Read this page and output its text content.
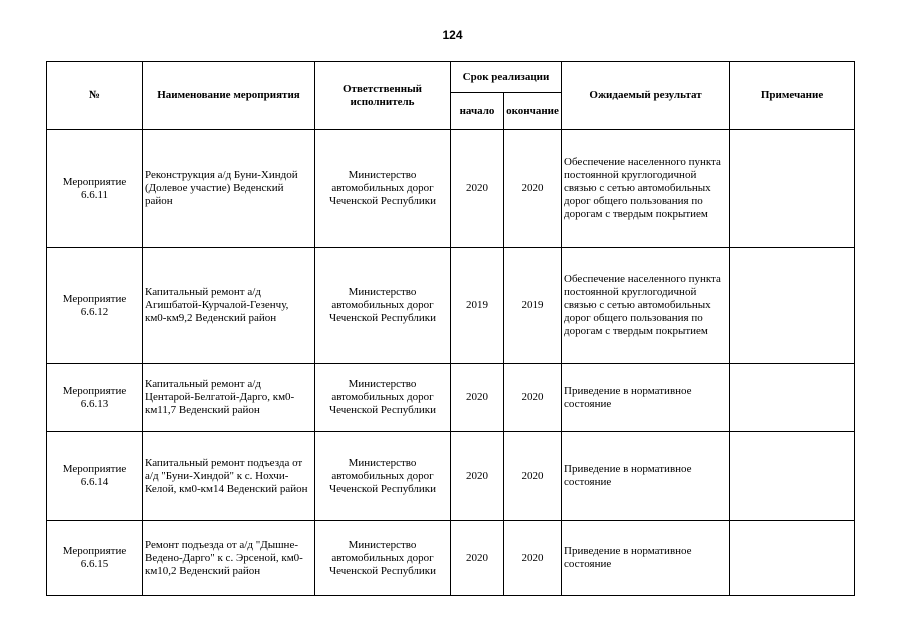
124
№	Наименование мероприятия	Ответственный исполнитель	Срок реализации		Ожидаемый результат	Примечание
			начало	окончание		
Мероприятие 6.6.11	Реконструкция а/д Буни-Хиндой (Долевое участие) Веденский район	Министерство автомобильных дорог Чеченской Республики	2020	2020	Обеспечение населенного пункта постоянной круглогодичной связью с сетью автомобильных дорог общего пользования по дорогам с твердым покрытием	
Мероприятие 6.6.12	Капитальный ремонт а/д Агишбатой-Курчалой-Гезенчу, км0-км9,2 Веденский район	Министерство автомобильных дорог Чеченской Республики	2019	2019	Обеспечение населенного пункта постоянной круглогодичной связью с сетью автомобильных дорог общего пользования по дорогам с твердым покрытием	
Мероприятие 6.6.13	Капитальный ремонт а/д Центарой-Белгатой-Дарго, км0-км11,7 Веденский район	Министерство автомобильных дорог Чеченской Республики	2020	2020	Приведение в нормативное состояние	
Мероприятие 6.6.14	Капитальный ремонт подъезда от а/д "Буни-Хиндой" к с. Нохчи-Келой, км0-км14 Веденский район	Министерство автомобильных дорог Чеченской Республики	2020	2020	Приведение в нормативное состояние	
Мероприятие 6.6.15	Ремонт подъезда от а/д "Дышне-Ведено-Дарго" к с. Эрсеной, км0-км10,2 Веденский район	Министерство автомобильных дорог Чеченской Республики	2020	2020	Приведение в нормативное состояние	
